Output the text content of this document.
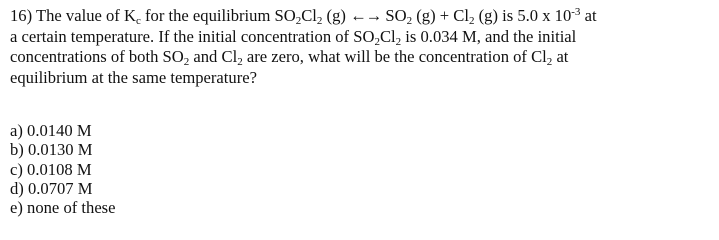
16) The value of $K_c$ for the equilibrium $SO_2Cl_2$ (g) ←→ $SO_2$ $(g) + Cl_2$ (g) is 5.0 x $10^{-3}$ at
a certain temperature. If the initial concentration of $SO_2Cl_2$ is 0.034 M, and the initial
concentrations of both $SO_2$ and $Cl_2$ are zero, what will be the concentration of $Cl_2$ at
equilibrium at the same temperature?
a) 0.0140 M
b) 0.0130 M
c) 0.0108 M
d) 0.0707 M
e) none of these
